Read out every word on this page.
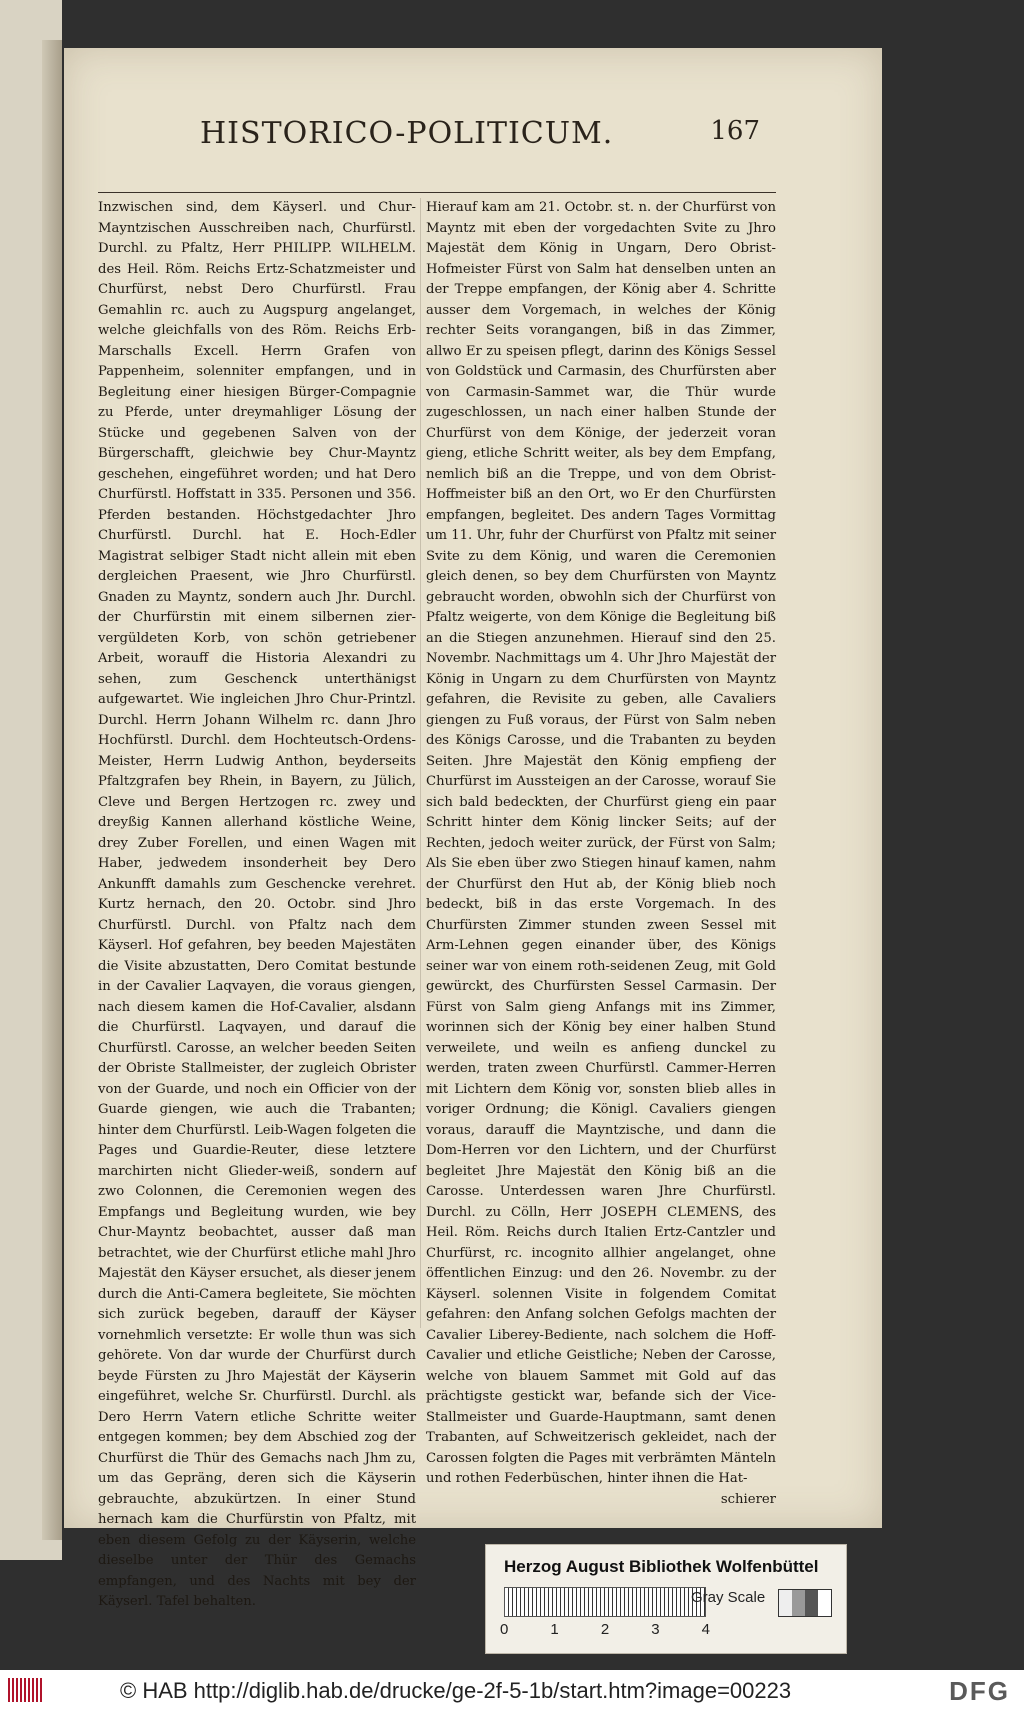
HISTORICO-POLITICUM.	167
Inzwischen sind, dem Käyserl. und Chur-Mayntzischen Ausschreiben nach, Churfürstl. Durchl. zu Pfaltz, Herr PHILIPP. WILHELM. des Heil. Röm. Reichs Ertz-Schatzmeister und Churfürst, nebst Dero Churfürstl. Frau Gemahlin rc. auch zu Augspurg angelanget, welche gleichfalls von des Röm. Reichs Erb-Marschalls Excell. Herrn Grafen von Pappenheim, solenniter empfangen, und in Begleitung einer hiesigen Bürger-Compagnie zu Pferde, unter dreymahliger Lösung der Stücke und gegebenen Salven von der Bürgerschafft, gleichwie bey Chur-Mayntz geschehen, eingeführet worden; und hat Dero Churfürstl. Hoffstatt in 335. Personen und 356. Pferden bestanden. Höchstgedachter Jhro Churfürstl. Durchl. hat E. Hoch-Edler Magistrat selbiger Stadt nicht allein mit eben dergleichen Praesent, wie Jhro Churfürstl. Gnaden zu Mayntz, sondern auch Jhr. Durchl. der Churfürstin mit einem silbernen zier-vergüldeten Korb, von schön getriebener Arbeit, worauff die Historia Alexandri zu sehen, zum Geschenck unterthänigst aufgewartet. Wie ingleichen Jhro Chur-Printzl. Durchl. Herrn Johann Wilhelm rc. dann Jhro Hochfürstl. Durchl. dem Hochteutsch-Ordens-Meister, Herrn Ludwig Anthon, beyderseits Pfaltzgrafen bey Rhein, in Bayern, zu Jülich, Cleve und Bergen Hertzogen rc. zwey und dreyßig Kannen allerhand köstliche Weine, drey Zuber Forellen, und einen Wagen mit Haber, jedwedem insonderheit bey Dero Ankunfft damahls zum Geschencke verehret. Kurtz hernach, den 20. Octobr. sind Jhro Churfürstl. Durchl. von Pfaltz nach dem Käyserl. Hof gefahren, bey beeden Majestäten die Visite abzustatten, Dero Comitat bestunde in der Cavalier Laqvayen, die voraus giengen, nach diesem kamen die Hof-Cavalier, alsdann die Churfürstl. Laqvayen, und darauf die Churfürstl. Carosse, an welcher beeden Seiten der Obriste Stallmeister, der zugleich Obrister von der Guarde, und noch ein Officier von der Guarde giengen, wie auch die Trabanten; hinter dem Churfürstl. Leib-Wagen folgeten die Pages und Guardie-Reuter, diese letztere marchirten nicht Glieder-weiß, sondern auf zwo Colonnen, die Ceremonien wegen des Empfangs und Begleitung wurden, wie bey Chur-Mayntz beobachtet, ausser daß man betrachtet, wie der Churfürst etliche mahl Jhro Majestät den Käyser ersuchet, als dieser jenem durch die Anti-Camera begleitete, Sie möchten sich zurück begeben, darauff der Käyser vornehmlich versetzte: Er wolle thun was sich gehörete. Von dar wurde der Churfürst durch beyde Fürsten zu Jhro Majestät der Käyserin eingeführet, welche Sr. Churfürstl. Durchl. als Dero Herrn Vatern etliche Schritte weiter entgegen kommen; bey dem Abschied zog der Churfürst die Thür des Gemachs nach Jhm zu, um das Gepräng, deren sich die Käyserin gebrauchte, abzukürtzen. In einer Stund hernach kam die Churfürstin von Pfaltz, mit eben diesem Gefolg zu der Käyserin, welche dieselbe unter der Thür des Gemachs empfangen, und des Nachts mit bey der Käyserl. Tafel behalten.
Hierauf kam am 21. Octobr. st. n. der Churfürst von Mayntz mit eben der vorgedachten Svite zu Jhro Majestät dem König in Ungarn, Dero Obrist-Hofmeister Fürst von Salm hat denselben unten an der Treppe empfangen, der König aber 4. Schritte ausser dem Vorgemach, in welches der König rechter Seits vorangangen, biß in das Zimmer, allwo Er zu speisen pflegt, darinn des Königs Sessel von Goldstück und Carmasin, des Churfürsten aber von Carmasin-Sammet war, die Thür wurde zugeschlossen, un nach einer halben Stunde der Churfürst von dem Könige, der jederzeit voran gieng, etliche Schritt weiter, als bey dem Empfang, nemlich biß an die Treppe, und von dem Obrist-Hoffmeister biß an den Ort, wo Er den Churfürsten empfangen, begleitet. Des andern Tages Vormittag um 11. Uhr, fuhr der Churfürst von Pfaltz mit seiner Svite zu dem König, und waren die Ceremonien gleich denen, so bey dem Churfürsten von Mayntz gebraucht worden, obwohln sich der Churfürst von Pfaltz weigerte, von dem Könige die Begleitung biß an die Stiegen anzunehmen. Hierauf sind den 25. Novembr. Nachmittags um 4. Uhr Jhro Majestät der König in Ungarn zu dem Churfürsten von Mayntz gefahren, die Revisite zu geben, alle Cavaliers giengen zu Fuß voraus, der Fürst von Salm neben des Königs Carosse, und die Trabanten zu beyden Seiten. Jhre Majestät den König empfieng der Churfürst im Aussteigen an der Carosse, worauf Sie sich bald bedeckten, der Churfürst gieng ein paar Schritt hinter dem König lincker Seits; auf der Rechten, jedoch weiter zurück, der Fürst von Salm; Als Sie eben über zwo Stiegen hinauf kamen, nahm der Churfürst den Hut ab, der König blieb noch bedeckt, biß in das erste Vorgemach. In des Churfürsten Zimmer stunden zween Sessel mit Arm-Lehnen gegen einander über, des Königs seiner war von einem roth-seidenen Zeug, mit Gold gewürckt, des Churfürsten Sessel Carmasin. Der Fürst von Salm gieng Anfangs mit ins Zimmer, worinnen sich der König bey einer halben Stund verweilete, und weiln es anfieng dunckel zu werden, traten zween Churfürstl. Cammer-Herren mit Lichtern dem König vor, sonsten blieb alles in voriger Ordnung; die Königl. Cavaliers giengen voraus, darauff die Mayntzische, und dann die Dom-Herren vor den Lichtern, und der Churfürst begleitet Jhre Majestät den König biß an die Carosse. Unterdessen waren Jhre Churfürstl. Durchl. zu Cölln, Herr JOSEPH CLEMENS, des Heil. Röm. Reichs durch Italien Ertz-Cantzler und Churfürst, rc. incognito allhier angelanget, ohne öffentlichen Einzug: und den 26. Novembr. zu der Käyserl. solennen Visite in folgendem Comitat gefahren: den Anfang solchen Gefolgs machten der Cavalier Liberey-Bediente, nach solchem die Hoff-Cavalier und etliche Geistliche; Neben der Carosse, welche von blauem Sammet mit Gold auf das prächtigste gestickt war, befande sich der Vice-Stallmeister und Guarde-Hauptmann, samt denen Trabanten, auf Schweitzerisch gekleidet, nach der Carossen folgten die Pages mit verbrämten Mänteln und rothen Federbüschen, hinter ihnen die Hat-
schierer
Herzog August Bibliothek Wolfenbüttel
0	1	2	3	4
Gray Scale
© HAB http://diglib.hab.de/drucke/ge-2f-5-1b/start.htm?image=00223	DFG
